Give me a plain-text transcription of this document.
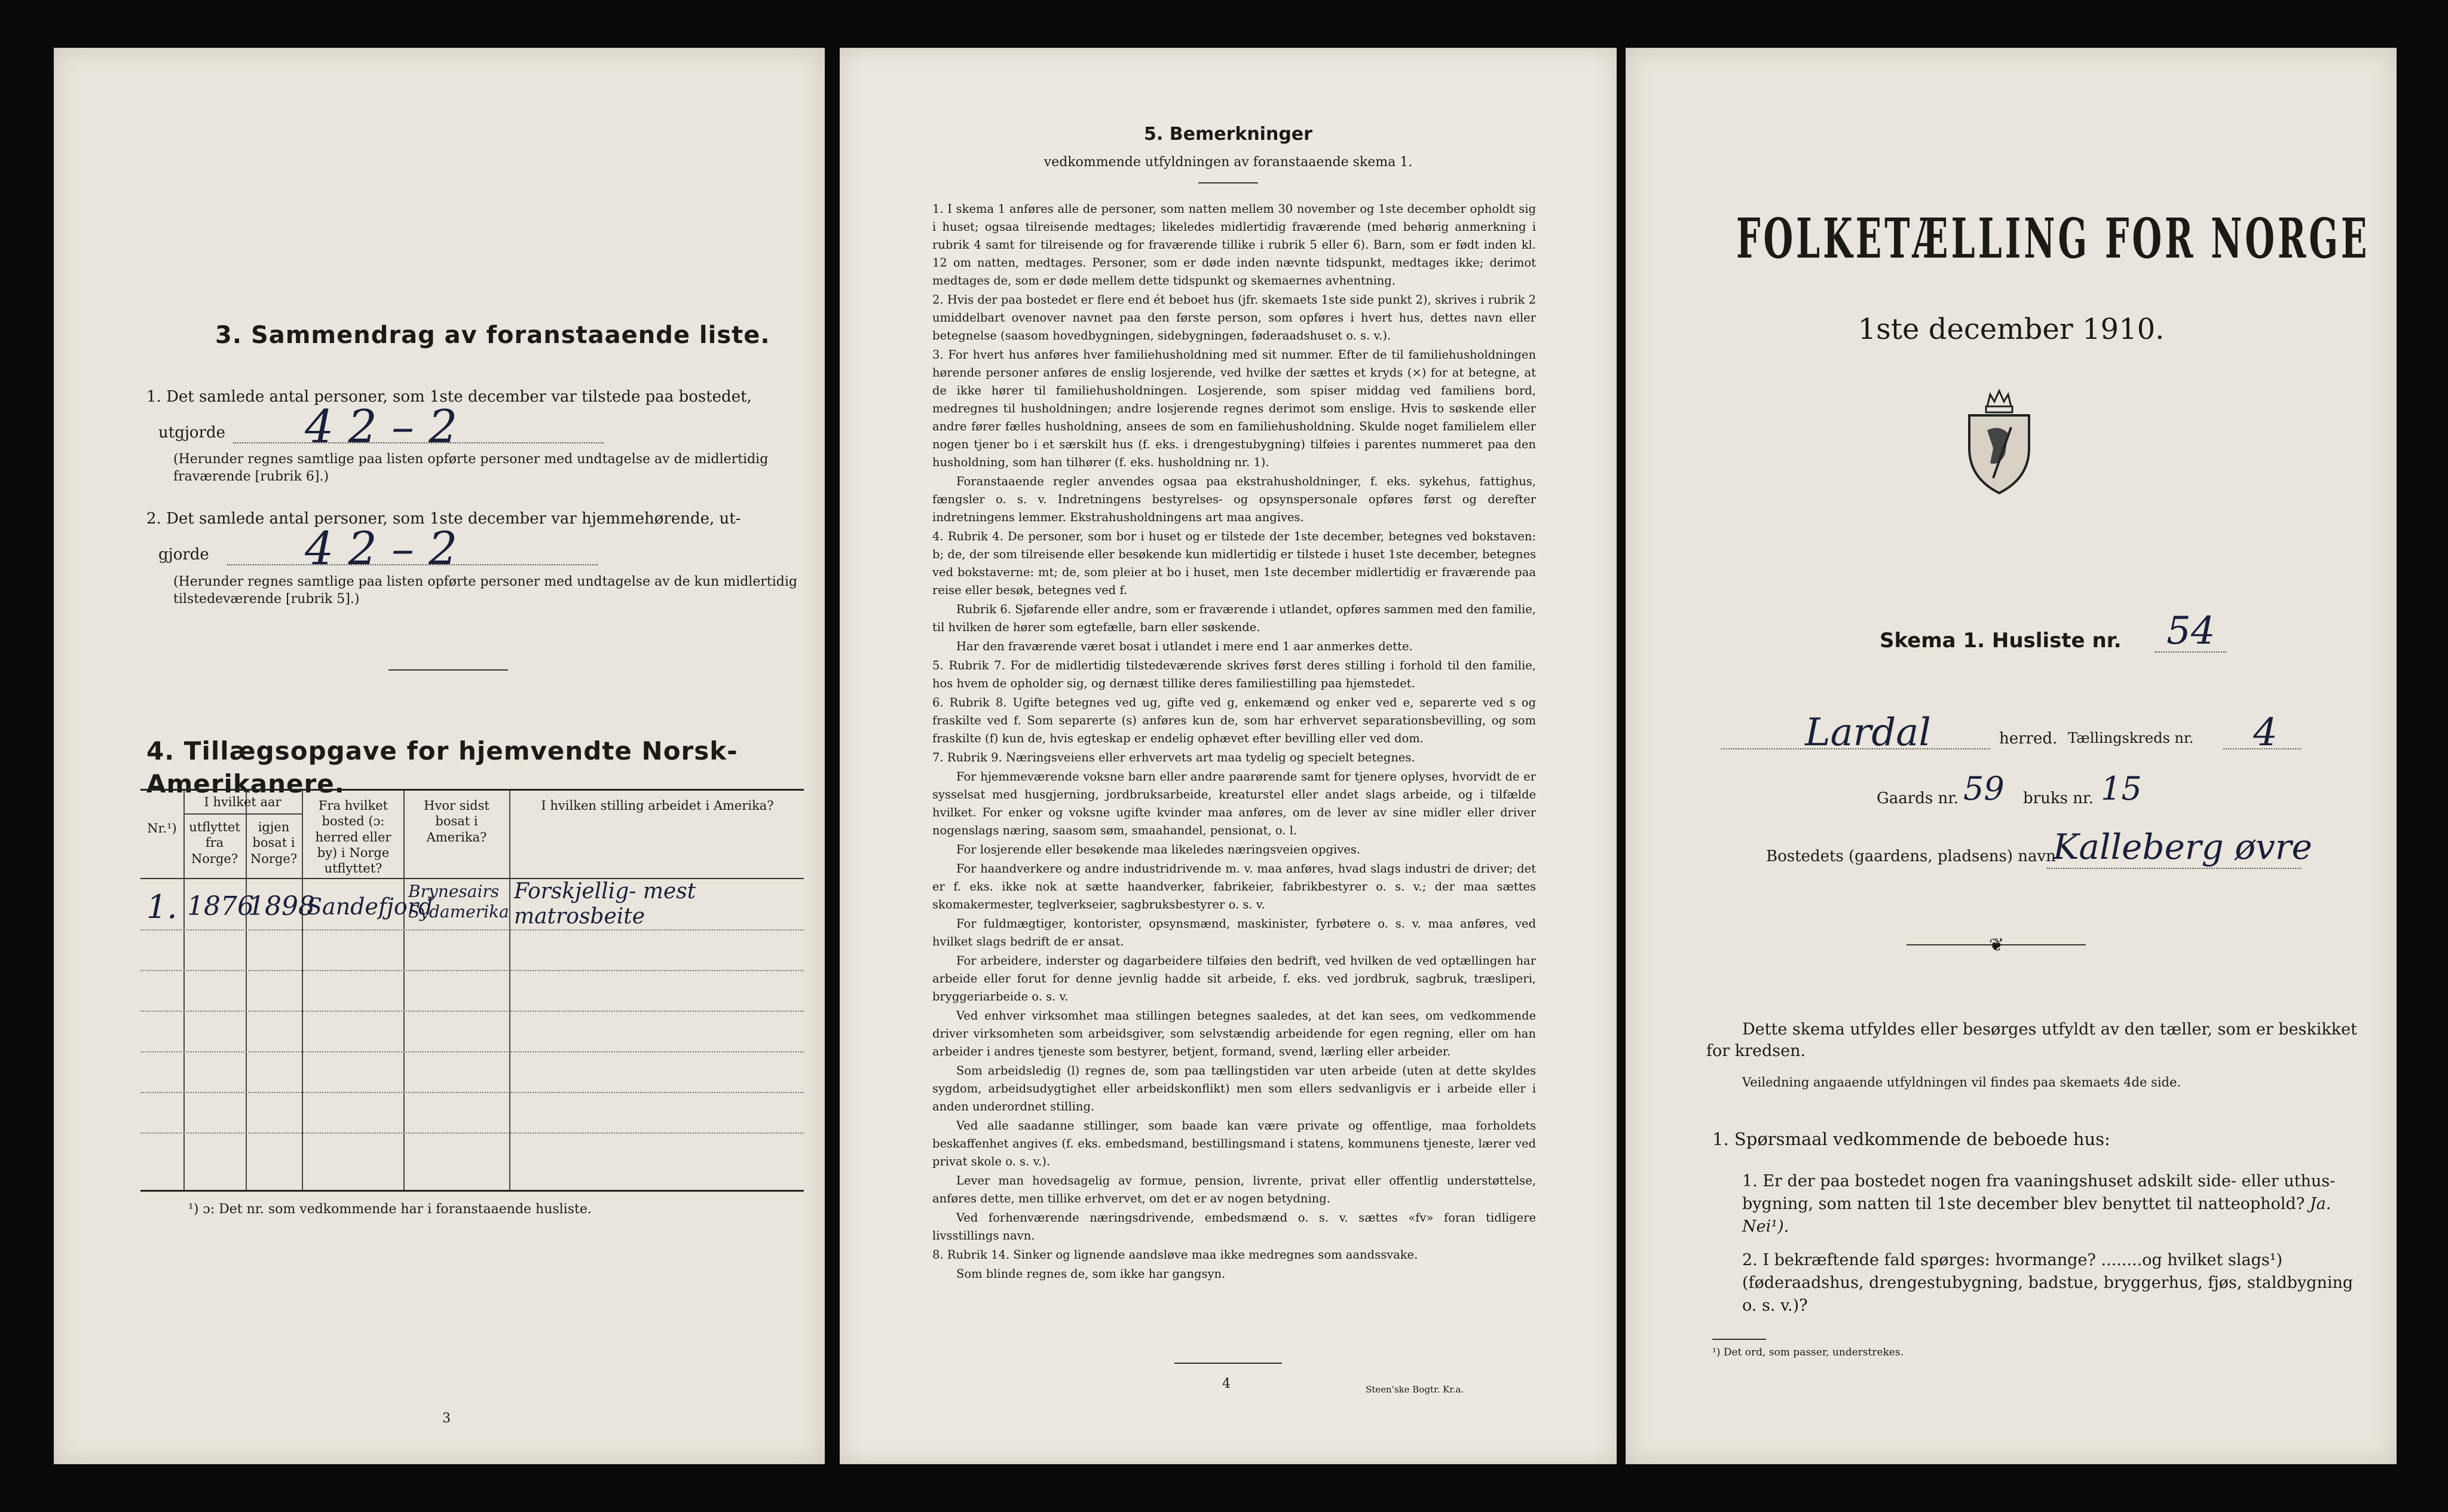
3. Sammendrag av foranstaaende liste.
1. Det samlede antal personer, som 1ste december var tilstede paa bostedet,
utgjorde 4 2 – 2
(Herunder regnes samtlige paa listen opførte personer med undtagelse av de midlertidig fraværende [rubrik 6].)
2. Det samlede antal personer, som 1ste december var hjemmehørende, ut-
gjorde 4 2 – 2
(Herunder regnes samtlige paa listen opførte personer med undtagelse av de kun midlertidig tilstedeværende [rubrik 5].)
4. Tillægsopgave for hjemvendte Norsk-Amerikanere.
Nr.¹)
I hvilket aar
utflyttet fra Norge?
igjen bosat i Norge?
Fra hvilket bosted (ɔ: herred eller by) i Norge utflyttet?
Hvor sidst bosat i Amerika?
I hvilken stilling arbeidet i Amerika?
1. 1876
1898
Sandefjord
Brynesairs Sydamerika
Forskjellig- mest matrosbeite
¹) ɔ: Det nr. som vedkommende har i foranstaaende husliste.
3
5. Bemerkninger
vedkommende utfyldningen av foranstaaende skema 1.

1. I skema 1 anføres alle de personer, som natten mellem 30 november og 1ste december opholdt sig i huset; ogsaa tilreisende medtages; likeledes midlertidig fraværende (med behørig anmerkning i rubrik 4 samt for tilreisende og for fraværende tillike i rubrik 5 eller 6). Barn, som er født inden kl. 12 om natten, medtages. Personer, som er døde inden nævnte tidspunkt, medtages ikke; derimot medtages de, som er døde mellem dette tidspunkt og skemaernes avhentning.

2. Hvis der paa bostedet er flere end ét beboet hus (jfr. skemaets 1ste side punkt 2), skrives i rubrik 2 umiddelbart ovenover navnet paa den første person, som opføres i hvert hus, dettes navn eller betegnelse (saasom hovedbygningen, sidebygningen, føderaadshuset o. s. v.).

3. For hvert hus anføres hver familiehusholdning med sit nummer. Efter de til familiehusholdningen hørende personer anføres de enslig losjerende, ved hvilke der sættes et kryds (×) for at betegne, at de ikke hører til familiehusholdningen. Losjerende, som spiser middag ved familiens bord, medregnes til husholdningen; andre losjerende regnes derimot som enslige. Hvis to søskende eller andre fører fælles husholdning, ansees de som en familiehusholdning. Skulde noget familielem eller nogen tjener bo i et særskilt hus (f. eks. i drengestubygning) tilføies i parentes nummeret paa den husholdning, som han tilhører (f. eks. husholdning nr. 1).

Foranstaaende regler anvendes ogsaa paa ekstrahusholdninger, f. eks. sykehus, fattighus, fængsler o. s. v. Indretningens bestyrelses- og opsynspersonale opføres først og derefter indretningens lemmer. Ekstrahusholdningens art maa angives.

4. Rubrik 4. De personer, som bor i huset og er tilstede der 1ste december, betegnes ved bokstaven: b; de, der som tilreisende eller besøkende kun midlertidig er tilstede i huset 1ste december, betegnes ved bokstaverne: mt; de, som pleier at bo i huset, men 1ste december midlertidig er fraværende paa reise eller besøk, betegnes ved f.

Rubrik 6. Sjøfarende eller andre, som er fraværende i utlandet, opføres sammen med den familie, til hvilken de hører som egtefælle, barn eller søskende.

Har den fraværende været bosat i utlandet i mere end 1 aar anmerkes dette.

5. Rubrik 7. For de midlertidig tilstedeværende skrives først deres stilling i forhold til den familie, hos hvem de opholder sig, og dernæst tillike deres familiestilling paa hjemstedet.

6. Rubrik 8. Ugifte betegnes ved ug, gifte ved g, enkemænd og enker ved e, separerte ved s og fraskilte ved f. Som separerte (s) anføres kun de, som har erhvervet separationsbevilling, og som fraskilte (f) kun de, hvis egteskap er endelig ophævet efter bevilling eller ved dom.

7. Rubrik 9. Næringsveiens eller erhvervets art maa tydelig og specielt betegnes.

For hjemmeværende voksne barn eller andre paarørende samt for tjenere oplyses, hvorvidt de er sysselsat med husgjerning, jordbruksarbeide, kreaturstel eller andet slags arbeide, og i tilfælde hvilket. For enker og voksne ugifte kvinder maa anføres, om de lever av sine midler eller driver nogenslags næring, saasom søm, smaahandel, pensionat, o. l.

For losjerende eller besøkende maa likeledes næringsveien opgives.

For haandverkere og andre industridrivende m. v. maa anføres, hvad slags industri de driver; det er f. eks. ikke nok at sætte haandverker, fabrikeier, fabrikbestyrer o. s. v.; der maa sættes skomakermester, teglverkseier, sagbruksbestyrer o. s. v.

For fuldmægtiger, kontorister, opsynsmænd, maskinister, fyrbøtere o. s. v. maa anføres, ved hvilket slags bedrift de er ansat.

For arbeidere, inderster og dagarbeidere tilføies den bedrift, ved hvilken de ved optællingen har arbeide eller forut for denne jevnlig hadde sit arbeide, f. eks. ved jordbruk, sagbruk, træsliperi, bryggeriarbeide o. s. v.

Ved enhver virksomhet maa stillingen betegnes saaledes, at det kan sees, om vedkommende driver virksomheten som arbeidsgiver, som selvstændig arbeidende for egen regning, eller om han arbeider i andres tjeneste som bestyrer, betjent, formand, svend, lærling eller arbeider.

Som arbeidsledig (l) regnes de, som paa tællingstiden var uten arbeide (uten at dette skyldes sygdom, arbeidsudygtighet eller arbeidskonflikt) men som ellers sedvanligvis er i arbeide eller i anden underordnet stilling.

Ved alle saadanne stillinger, som baade kan være private og offentlige, maa forholdets beskaffenhet angives (f. eks. embedsmand, bestillingsmand i statens, kommunens tjeneste, lærer ved privat skole o. s. v.).

Lever man hovedsagelig av formue, pension, livrente, privat eller offentlig understøttelse, anføres dette, men tillike erhvervet, om det er av nogen betydning.

Ved forhenværende næringsdrivende, embedsmænd o. s. v. sættes «fv» foran tidligere livsstillings navn.

8. Rubrik 14. Sinker og lignende aandsløve maa ikke medregnes som aandssvake.

Som blinde regnes de, som ikke har gangsyn.

4	Steen'ske Bogtr. Kr.a.
FOLKETÆLLING FOR NORGE
1ste december 1910.
Skema 1. Husliste nr. 54
Lardal	herred. Tællingskreds nr. 4
Gaards nr. 59 bruks nr. 15
Bostedets (gaardens, pladsens) navn
Kalleberg øvre
❦
Dette skema utfyldes eller besørges utfyldt av den tæller, som er beskikket for kredsen.
Veiledning angaaende utfyldningen vil findes paa skemaets 4de side.
1. Spørsmaal vedkommende de beboede hus:
1. Er der paa bostedet nogen fra vaaningshuset adskilt side- eller uthus-bygning, som natten til 1ste december blev benyttet til natteophold? Ja. Nei¹).
2. I bekræftende fald spørges: hvormange? ........og hvilket slags¹) (føderaadshus, drengestubygning, badstue, bryggerhus, fjøs, staldbygning o. s. v.)?
¹) Det ord, som passer, understrekes.
